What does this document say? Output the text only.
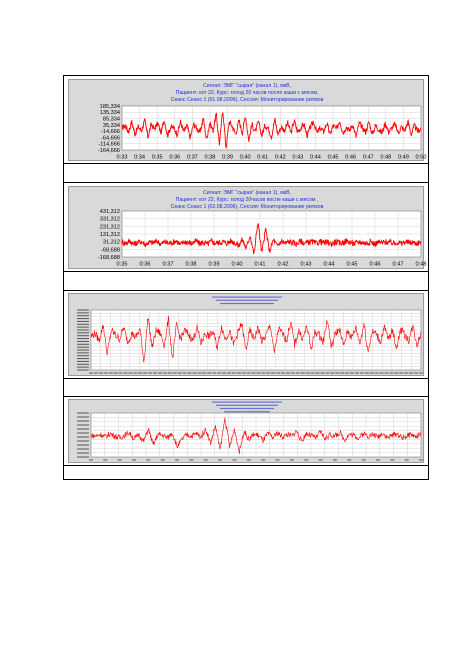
Сигнал: ЭМГ "сырая" (канал 1), мкВ,
Пациент: кот 22, Курс: голод 20 часов после каши с мясом,
Сеанс Сеанс 1 (01.08.2006), Сессия: Мониторирование ритмов
185,334
135,334
85,334
35,334
-14,666
-64,666
-114,666
-164,666
0:33 0:34 0:35 0:36 0:37 0:38 0:39 0:40 0:41 0:42 0:43 0:44 0:45 0:46 0:47 0:48 0:49 0:50
Сигнал: ЭМГ "сырая" (канал 1), мкВ,
Пациент: кот 22, Курс: голод 20часов после каши с мясом ,
Сеанс Сеанс 1 (02.08.2006), Сессия: Мониторирование ритмов
431,312
331,312
231,312
131,312
31,312
-68,688
-168,688
0:35 0:36 0:37 0:38 0:39 0:40 0:41 0:42 0:43 0:44 0:45 0:46 0:47 0:48
